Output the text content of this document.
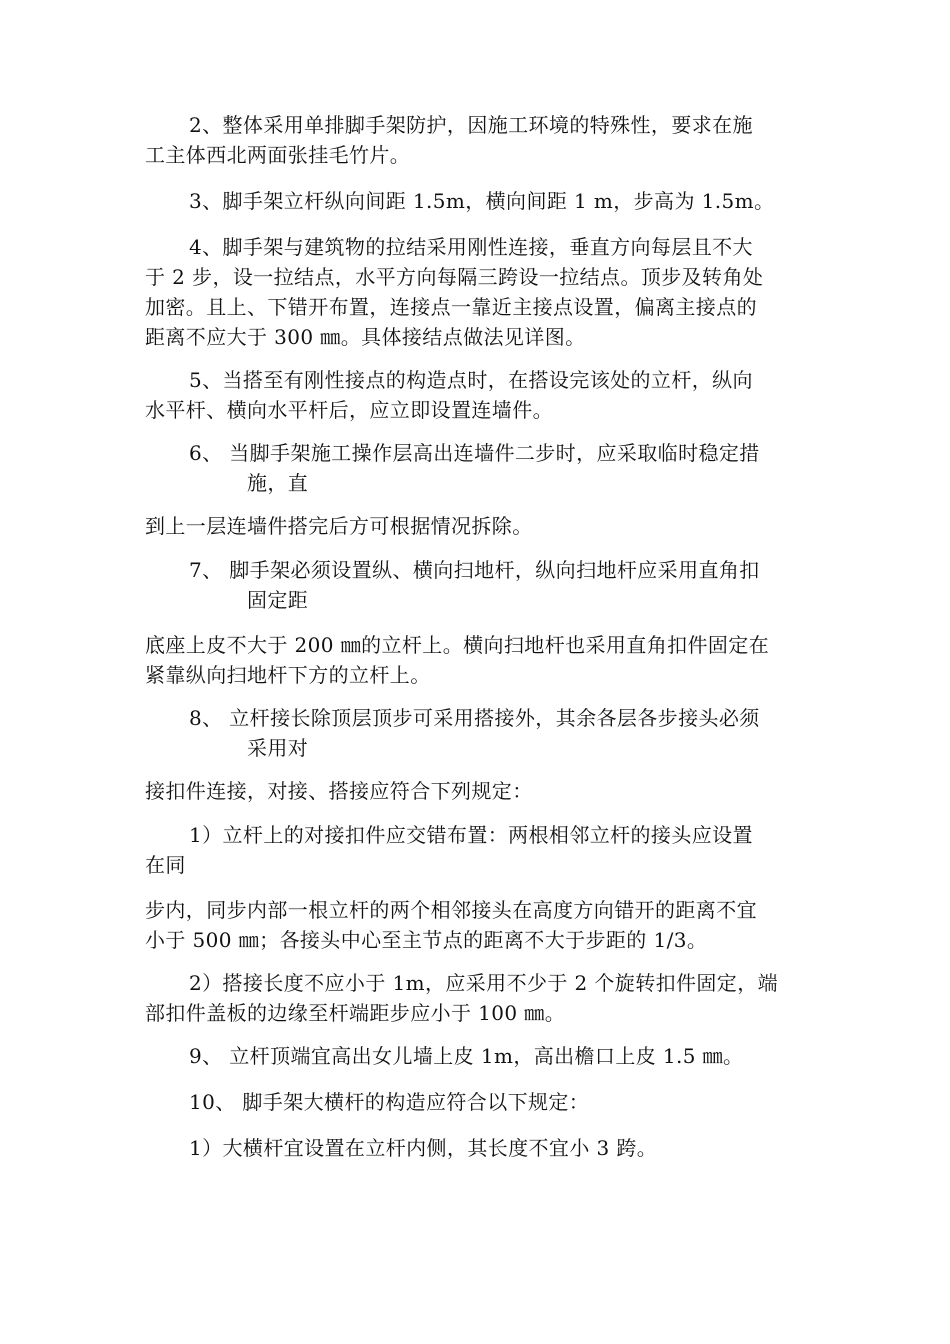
2、整体采用单排脚手架防护，因施工环境的特殊性，要求在施
工主体西北两面张挂毛竹片。
3、脚手架立杆纵向间距 1.5m，横向间距 1 m，步高为 1.5m。
4、脚手架与建筑物的拉结采用刚性连接，垂直方向每层且不大
于 2 步，设一拉结点，水平方向每隔三跨设一拉结点。顶步及转角处
加密。且上、下错开布置，连接点一靠近主接点设置，偏离主接点的
距离不应大于 300 ㎜。具体接结点做法见详图。
5、当搭至有刚性接点的构造点时，在搭设完该处的立杆，纵向
水平杆、横向水平杆后，应立即设置连墙件。
6、 当脚手架施工操作层高出连墙件二步时，应采取临时稳定措
施，直
到上一层连墙件搭完后方可根据情况拆除。
7、 脚手架必须设置纵、横向扫地杆，纵向扫地杆应采用直角扣
固定距
底座上皮不大于 200 ㎜的立杆上。横向扫地杆也采用直角扣件固定在
紧靠纵向扫地杆下方的立杆上。
8、 立杆接长除顶层顶步可采用搭接外，其余各层各步接头必须
采用对
接扣件连接，对接、搭接应符合下列规定：
1）立杆上的对接扣件应交错布置：两根相邻立杆的接头应设置
在同
步内，同步内部一根立杆的两个相邻接头在高度方向错开的距离不宜
小于 500 ㎜；各接头中心至主节点的距离不大于步距的 1/3。
2）搭接长度不应小于 1m，应采用不少于 2 个旋转扣件固定，端
部扣件盖板的边缘至杆端距步应小于 100 ㎜。
9、 立杆顶端宜高出女儿墙上皮 1m，高出檐口上皮 1.5 ㎜。
10、 脚手架大横杆的构造应符合以下规定：
1）大横杆宜设置在立杆内侧，其长度不宜小 3 跨。
